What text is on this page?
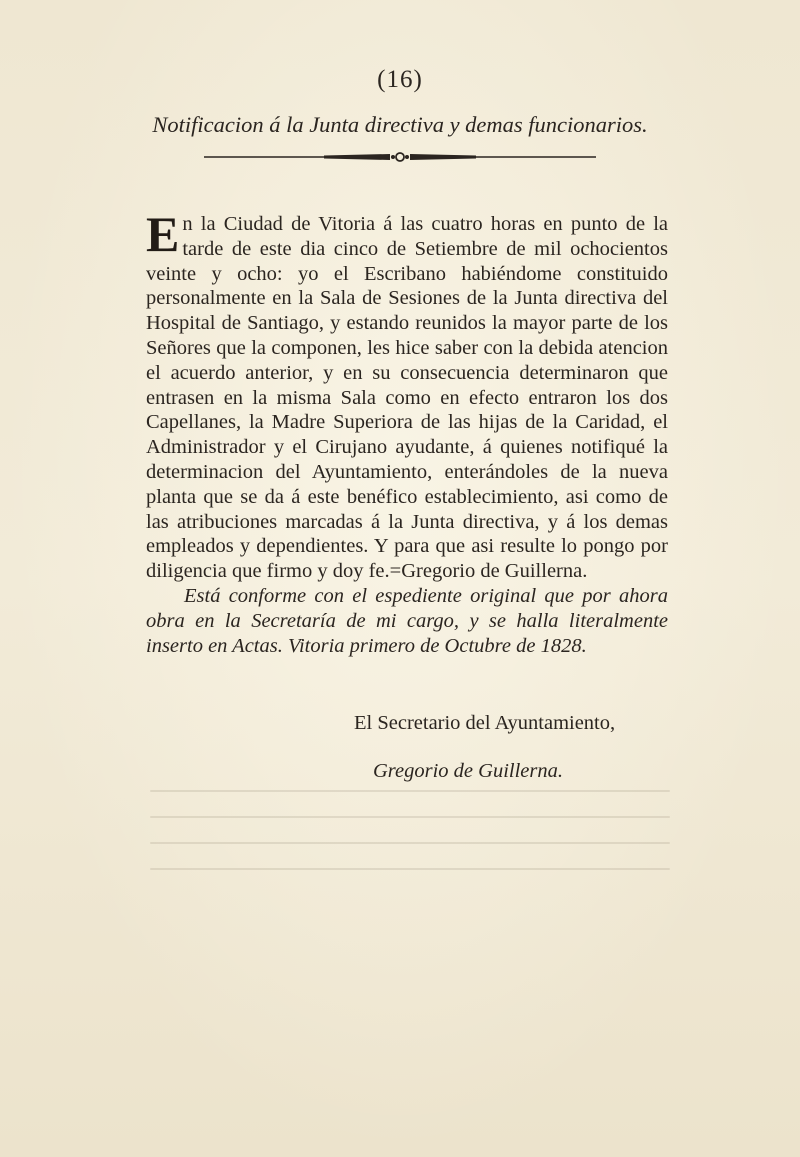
(16)
Notificacion á la Junta directiva y demas funcionarios.

En la Ciudad de Vitoria á las cuatro horas en punto de la tarde de este dia cinco de Setiembre de mil ochocientos veinte y ocho: yo el Escribano habiéndome constituido personalmente en la Sala de Sesiones de la Junta directiva del Hospital de Santiago, y estando reunidos la mayor parte de los Señores que la componen, les hice saber con la debida atencion el acuerdo anterior, y en su consecuencia determinaron que entrasen en la misma Sala como en efecto entraron los dos Capellanes, la Madre Superiora de las hijas de la Caridad, el Administrador y el Cirujano ayudante, á quienes notifiqué la determinacion del Ayuntamiento, enterándoles de la nueva planta que se da á este benéfico establecimiento, asi como de las atribuciones marcadas á la Junta directiva, y á los demas empleados y dependientes. Y para que asi resulte lo pongo por diligencia que firmo y doy fe.=Gregorio de Guillerna.

Está conforme con el espediente original que por ahora obra en la Secretaría de mi cargo, y se halla literalmente inserto en Actas. Vitoria primero de Octubre de 1828.

El Secretario del Ayuntamiento,
Gregorio de Guillerna.
